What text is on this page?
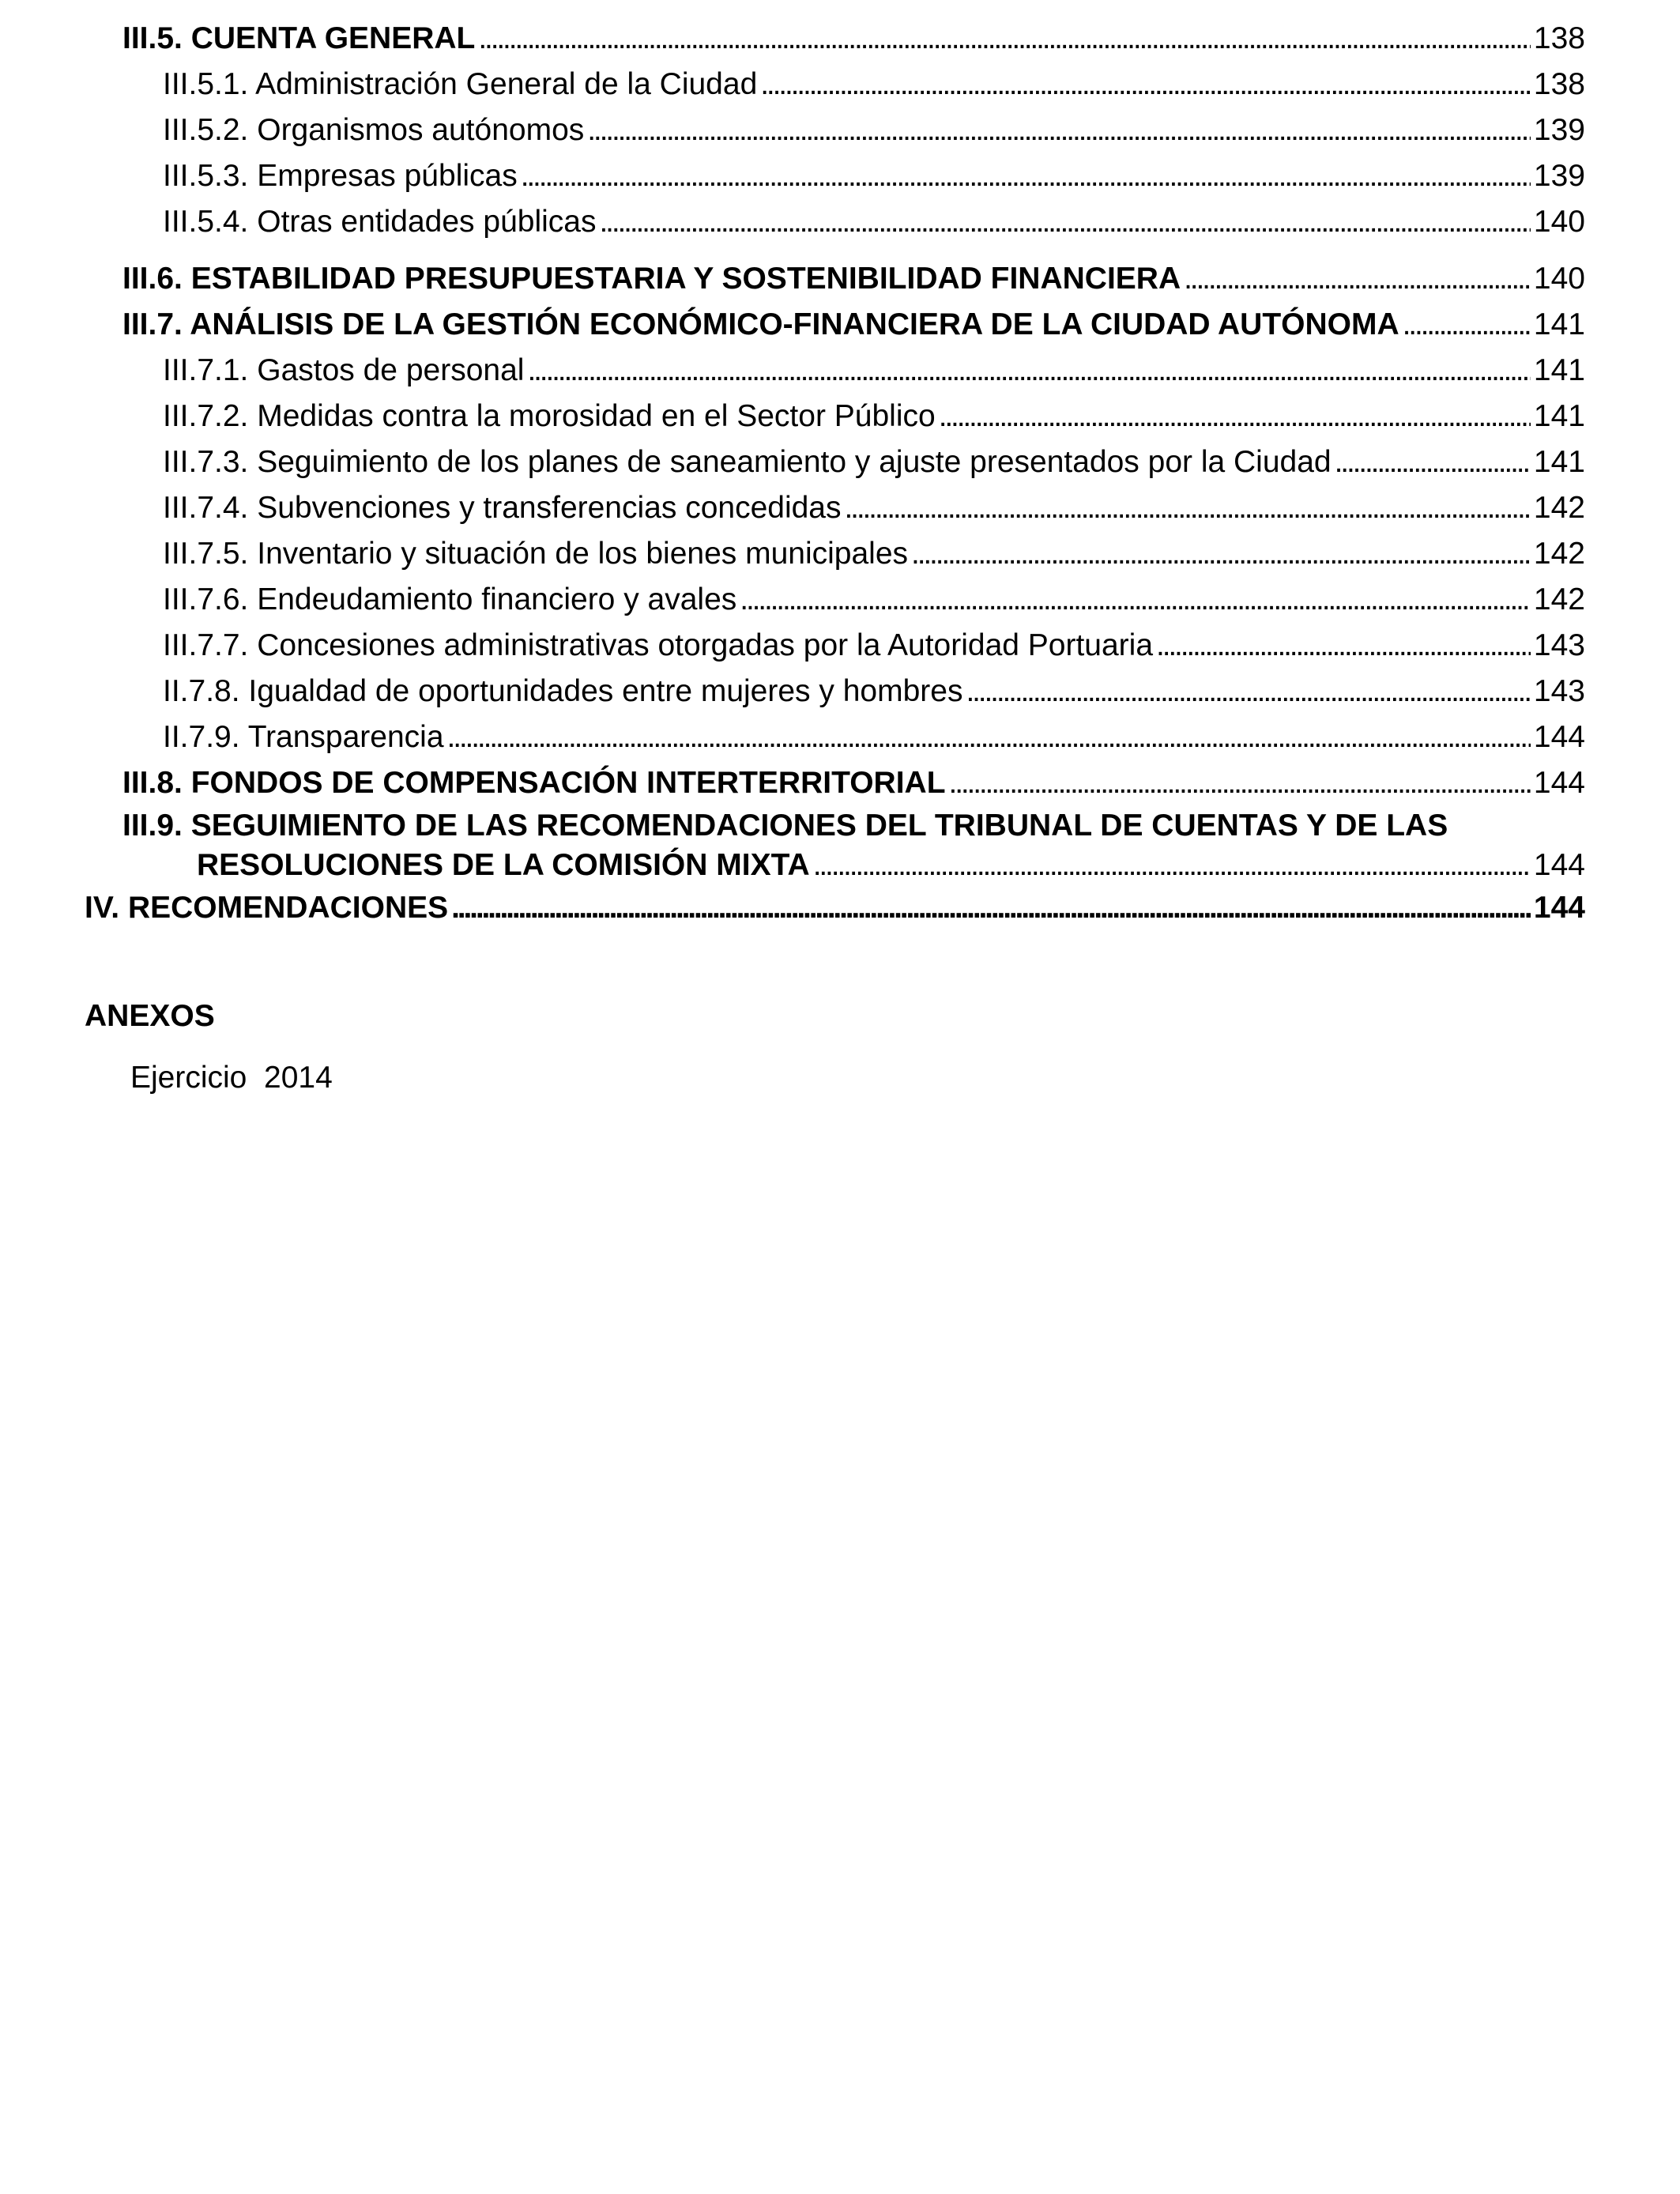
III.5. CUENTA GENERAL . . .	138
III.5.1. Administración General de la Ciudad . . .	138
III.5.2. Organismos autónomos . . .	139
III.5.3. Empresas públicas . . .	139
III.5.4. Otras entidades públicas . . .	140
III.6. ESTABILIDAD PRESUPUESTARIA Y SOSTENIBILIDAD FINANCIERA . . .	140
III.7. ANÁLISIS DE LA GESTIÓN ECONÓMICO-FINANCIERA DE LA CIUDAD AUTÓNOMA . . .	141
III.7.1. Gastos de personal . . .	141
III.7.2. Medidas contra la morosidad en el Sector Público . . .	141
III.7.3. Seguimiento de los planes de saneamiento y ajuste presentados por la Ciudad . . .	141
III.7.4. Subvenciones y transferencias concedidas . . .	142
III.7.5. Inventario y situación de los bienes municipales . . .	142
III.7.6. Endeudamiento financiero y avales . . .	142
III.7.7. Concesiones administrativas otorgadas por la Autoridad Portuaria . . .	143
II.7.8. Igualdad de oportunidades entre mujeres y hombres . . .	143
II.7.9. Transparencia . . .	144
III.8. FONDOS DE COMPENSACIÓN INTERTERRITORIAL . . .	144
III.9. SEGUIMIENTO DE LAS RECOMENDACIONES DEL TRIBUNAL DE CUENTAS Y DE LAS
RESOLUCIONES DE LA COMISIÓN MIXTA . . .	144
IV. RECOMENDACIONES . . .	144
ANEXOS
Ejercicio  2014
